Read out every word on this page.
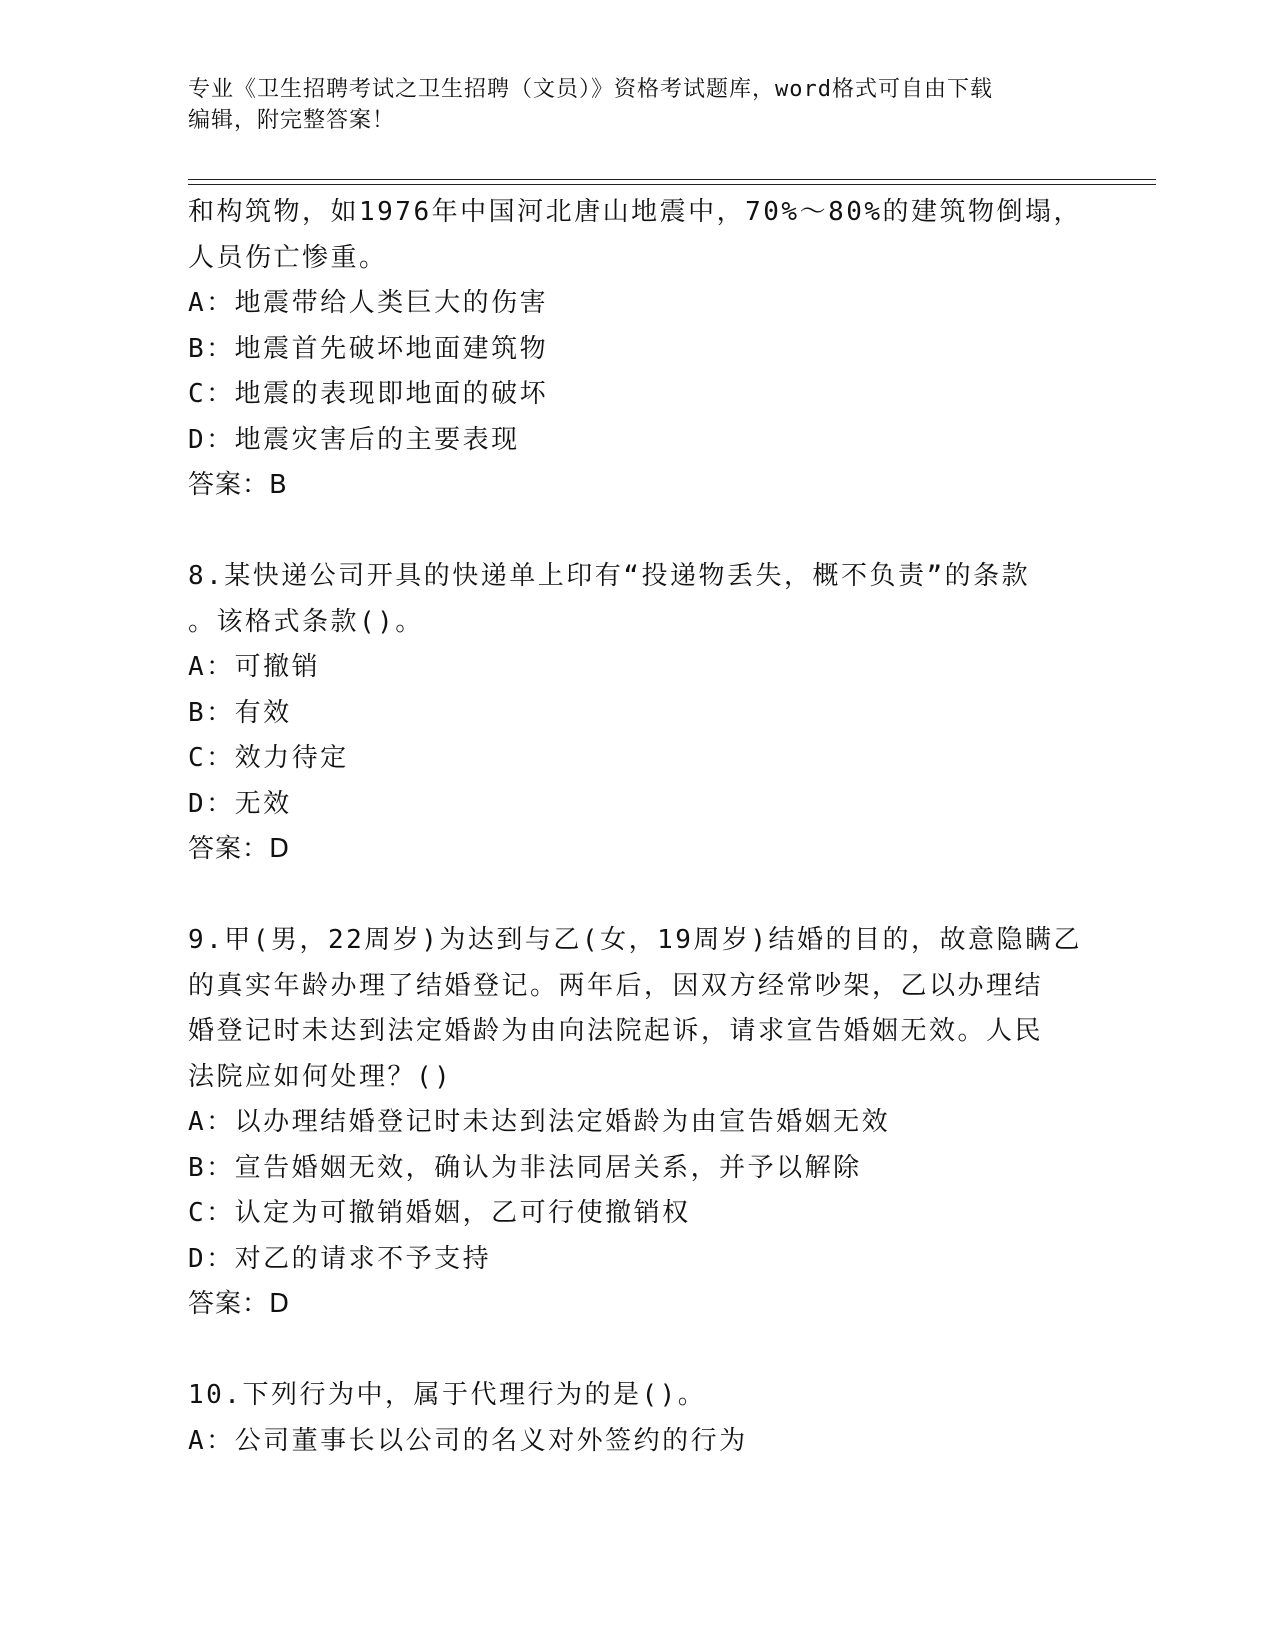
专业《卫生招聘考试之卫生招聘（文员）》资格考试题库，word格式可自由下载
编辑，附完整答案！
和构筑物，如1976年中国河北唐山地震中，70%～80%的建筑物倒塌，
人员伤亡惨重。
A：地震带给人类巨大的伤害
B：地震首先破坏地面建筑物
C：地震的表现即地面的破坏
D：地震灾害后的主要表现
答案：B
8.某快递公司开具的快递单上印有“投递物丢失，概不负责”的条款
。该格式条款()。
A：可撤销
B：有效
C：效力待定
D：无效
答案：D
9.甲(男，22周岁)为达到与乙(女，19周岁)结婚的目的，故意隐瞒乙
的真实年龄办理了结婚登记。两年后，因双方经常吵架，乙以办理结
婚登记时未达到法定婚龄为由向法院起诉，请求宣告婚姻无效。人民
法院应如何处理？()
A：以办理结婚登记时未达到法定婚龄为由宣告婚姻无效
B：宣告婚姻无效，确认为非法同居关系，并予以解除
C：认定为可撤销婚姻，乙可行使撤销权
D：对乙的请求不予支持
答案：D
10.下列行为中，属于代理行为的是()。
A：公司董事长以公司的名义对外签约的行为
